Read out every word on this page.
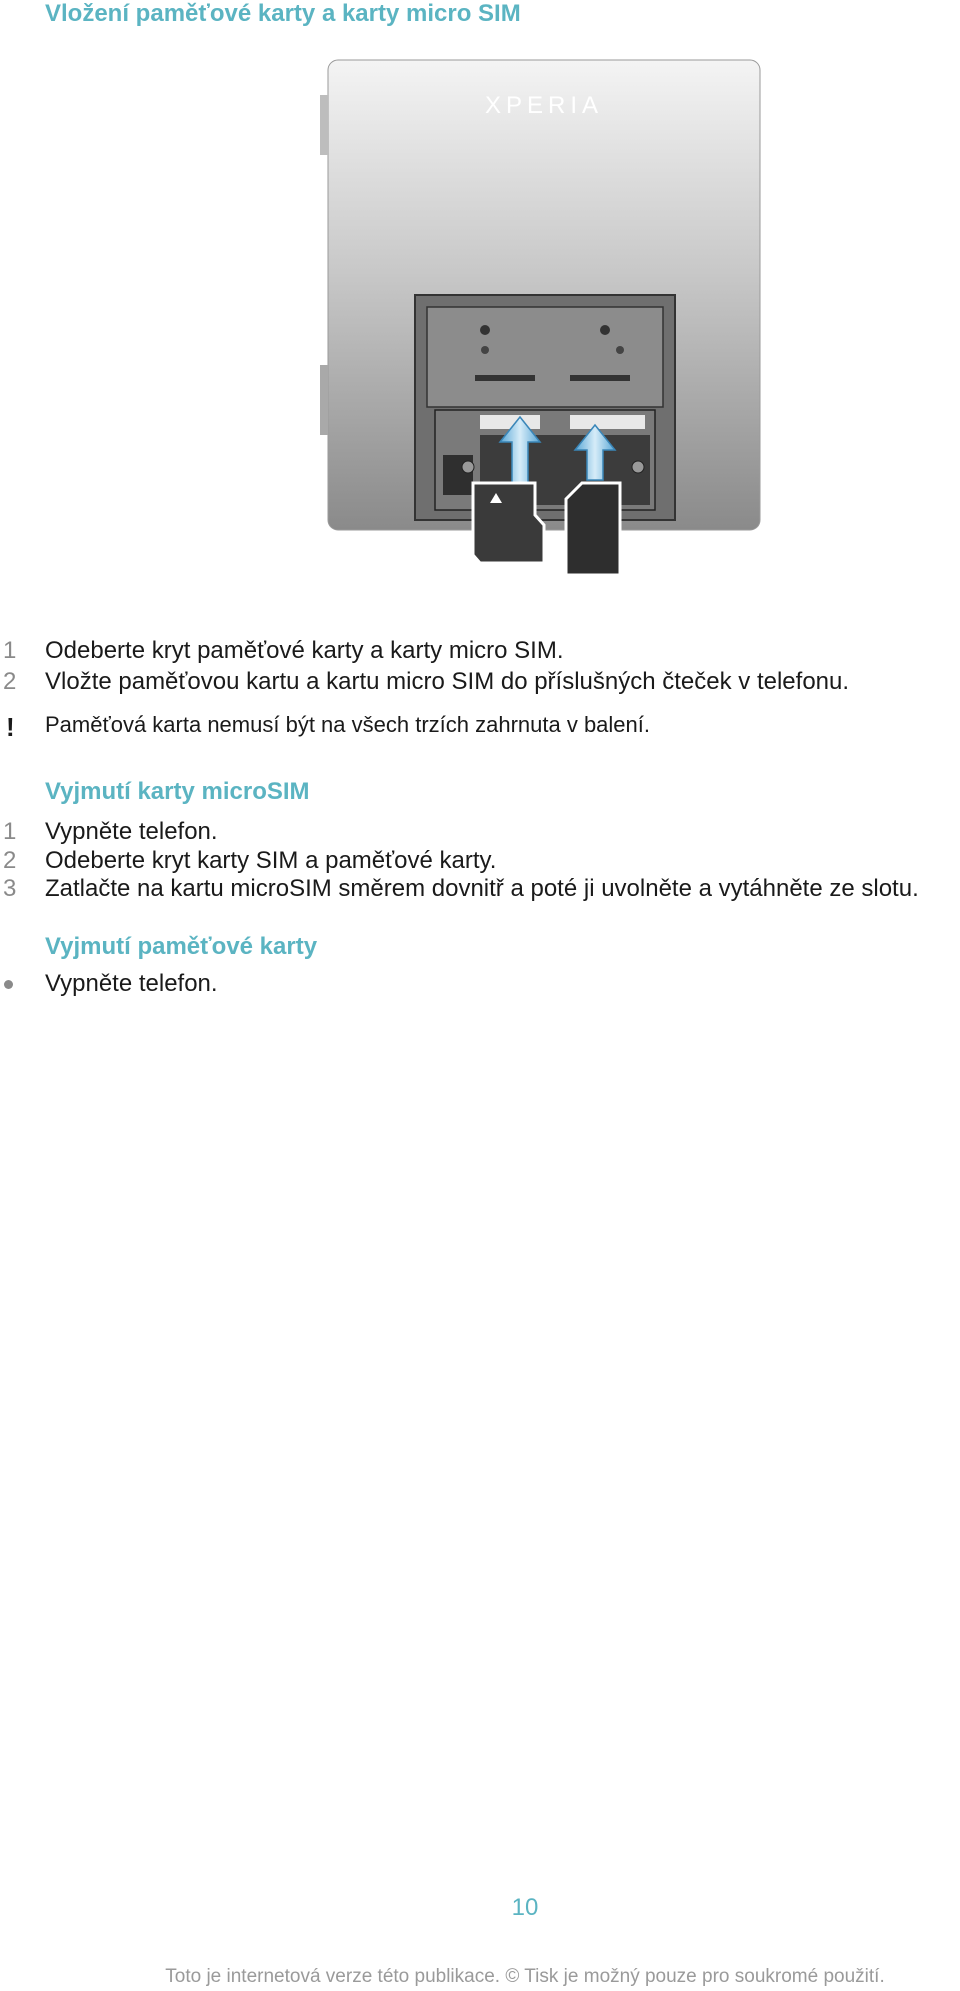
Vložení paměťové karty a karty micro SIM
XPERIA
1 Odeberte kryt paměťové karty a karty micro SIM.
2 Vložte paměťovou kartu a kartu micro SIM do příslušných čteček v telefonu.
! Paměťová karta nemusí být na všech trzích zahrnuta v balení.
Vyjmutí karty microSIM
1 Vypněte telefon.
2 Odeberte kryt karty SIM a paměťové karty.
3 Zatlačte na kartu microSIM směrem dovnitř a poté ji uvolněte a vytáhněte ze slotu.
Vyjmutí paměťové karty
Vypněte telefon.
10
Toto je internetová verze této publikace. © Tisk je možný pouze pro soukromé použití.
